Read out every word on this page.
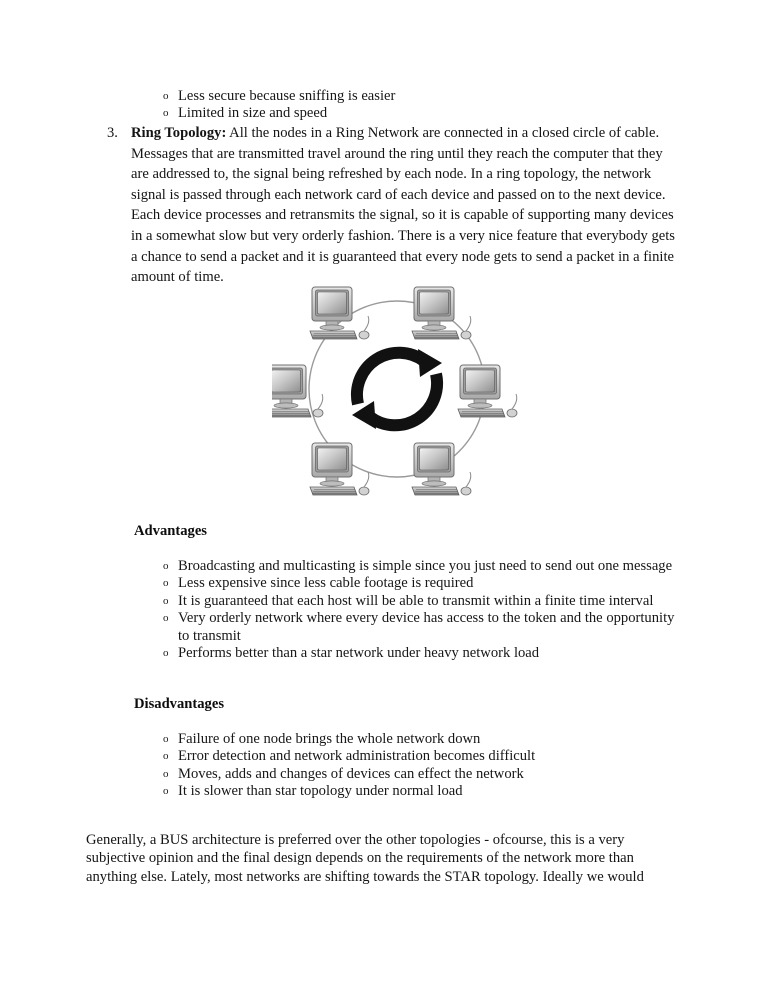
o Less secure because sniffing is easier
o Limited in size and speed
3. Ring Topology: All the nodes in a Ring Network are connected in a closed circle of cable. Messages that are transmitted travel around the ring until they reach the computer that they are addressed to, the signal being refreshed by each node. In a ring topology, the network signal is passed through each network card of each device and passed on to the next device. Each device processes and retransmits the signal, so it is capable of supporting many devices in a somewhat slow but very orderly fashion. There is a very nice feature that everybody gets a chance to send a packet and it is guaranteed that every node gets to send a packet in a finite amount of time.
Advantages
o Broadcasting and multicasting is simple since you just need to send out one message
o Less expensive since less cable footage is required
o It is guaranteed that each host will be able to transmit within a finite time interval
o Very orderly network where every device has access to the token and the opportunity to transmit
o Performs better than a star network under heavy network load
Disadvantages
o Failure of one node brings the whole network down
o Error detection and network administration becomes difficult
o Moves, adds and changes of devices can effect the network
o It is slower than star topology under normal load

Generally, a BUS architecture is preferred over the other topologies - ofcourse, this is a very subjective opinion and the final design depends on the requirements of the network more than anything else. Lately, most networks are shifting towards the STAR topology. Ideally we would
